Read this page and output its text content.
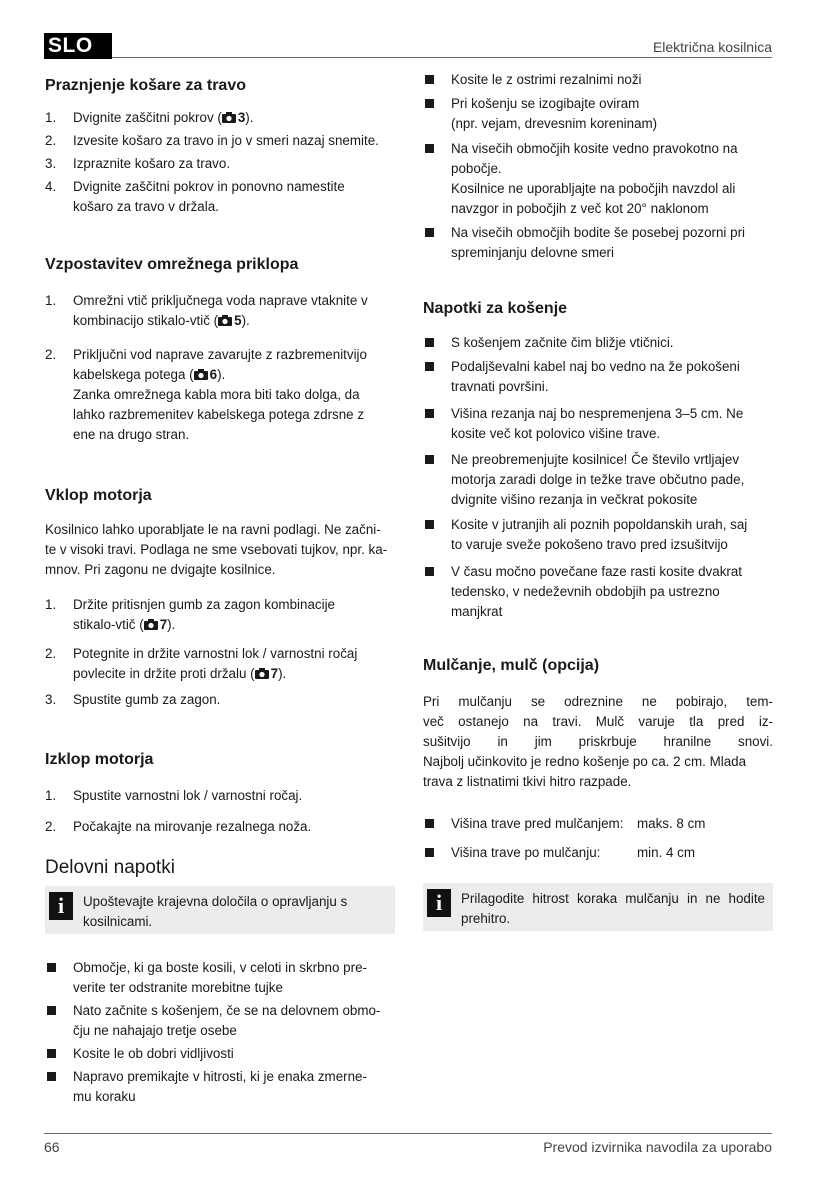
SLO	Električna kosilnica
Praznjenje košare za travo
1. Dvignite zaščitni pokrov ( 3).
2. Izvesite košaro za travo in jo v smeri nazaj snemite.
3. Izpraznite košaro za travo.
4. Dvignite zaščitni pokrov in ponovno namestite
košaro za travo v držala.
Vzpostavitev omrežnega priklopa
1. Omrežni vtič priključnega voda naprave vtaknite v
kombinacijo stikalo-vtič ( 5).
2. Priključni vod naprave zavarujte z razbremenitvijo
kabelskega potega ( 6).
Zanka omrežnega kabla mora biti tako dolga, da
lahko razbremenitev kabelskega potega zdrsne z
ene na drugo stran.
Vklop motorja
Kosilnico lahko uporabljate le na ravni podlagi. Ne začni-
te v visoki travi. Podlaga ne sme vsebovati tujkov, npr. ka-
mnov. Pri zagonu ne dvigajte kosilnice.
1. Držite pritisnjen gumb za zagon kombinacije
stikalo-vtič ( 7).
2. Potegnite in držite varnostni lok / varnostni ročaj
povlecite in držite proti držalu ( 7).
3. Spustite gumb za zagon.
Izklop motorja
1. Spustite varnostni lok / varnostni ročaj.
2. Počakajte na mirovanje rezalnega noža.
Delovni napotki
i	Upoštevajte krajevna določila o opravljanju s
kosilnicami.
Območje, ki ga boste kosili, v celoti in skrbno pre-
verite ter odstranite morebitne tujke
Nato začnite s košenjem, če se na delovnem obmo-
čju ne nahajajo tretje osebe
Kosite le ob dobri vidljivosti
Napravo premikajte v hitrosti, ki je enaka zmerne-
mu koraku
Kosite le z ostrimi rezalnimi noži
Pri košenju se izogibajte oviram
(npr. vejam, drevesnim koreninam)
Na visečih območjih kosite vedno pravokotno na
pobočje.
Kosilnice ne uporabljajte na pobočjih navzdol ali
navzgor in pobočjih z več kot 20° naklonom
Na visečih območjih bodite še posebej pozorni pri
spreminjanju delovne smeri
Napotki za košenje
S košenjem začnite čim bližje vtičnici.
Podaljševalni kabel naj bo vedno na že pokošeni
travnati površini.
Višina rezanja naj bo nespremenjena 3–5 cm. Ne
kosite več kot polovico višine trave.
Ne preobremenjujte kosilnice! Če število vrtljajev
motorja zaradi dolge in težke trave občutno pade,
dvignite višino rezanja in večkrat pokosite
Kosite v jutranjih ali poznih popoldanskih urah, saj
to varuje sveže pokošeno travo pred izsušitvijo
V času močno povečane faze rasti kosite dvakrat
tedensko, v nedeževnih obdobjih pa ustrezno
manjkrat
Mulčanje, mulč (opcija)
Pri mulčanju se odreznine ne pobirajo, tem-
več ostanejo na travi. Mulč varuje tla pred iz-
sušitvijo in jim priskrbuje hranilne snovi.
Najbolj učinkovito je redno košenje po ca. 2 cm. Mlada
trava z listnatimi tkivi hitro razpade.
Višina trave pred mulčanjem: maks. 8 cm
Višina trave po mulčanju:	min. 4 cm
i	Prilagodite hitrost koraka mulčanju in ne hodite
prehitro.
66	Prevod izvirnika navodila za uporabo
